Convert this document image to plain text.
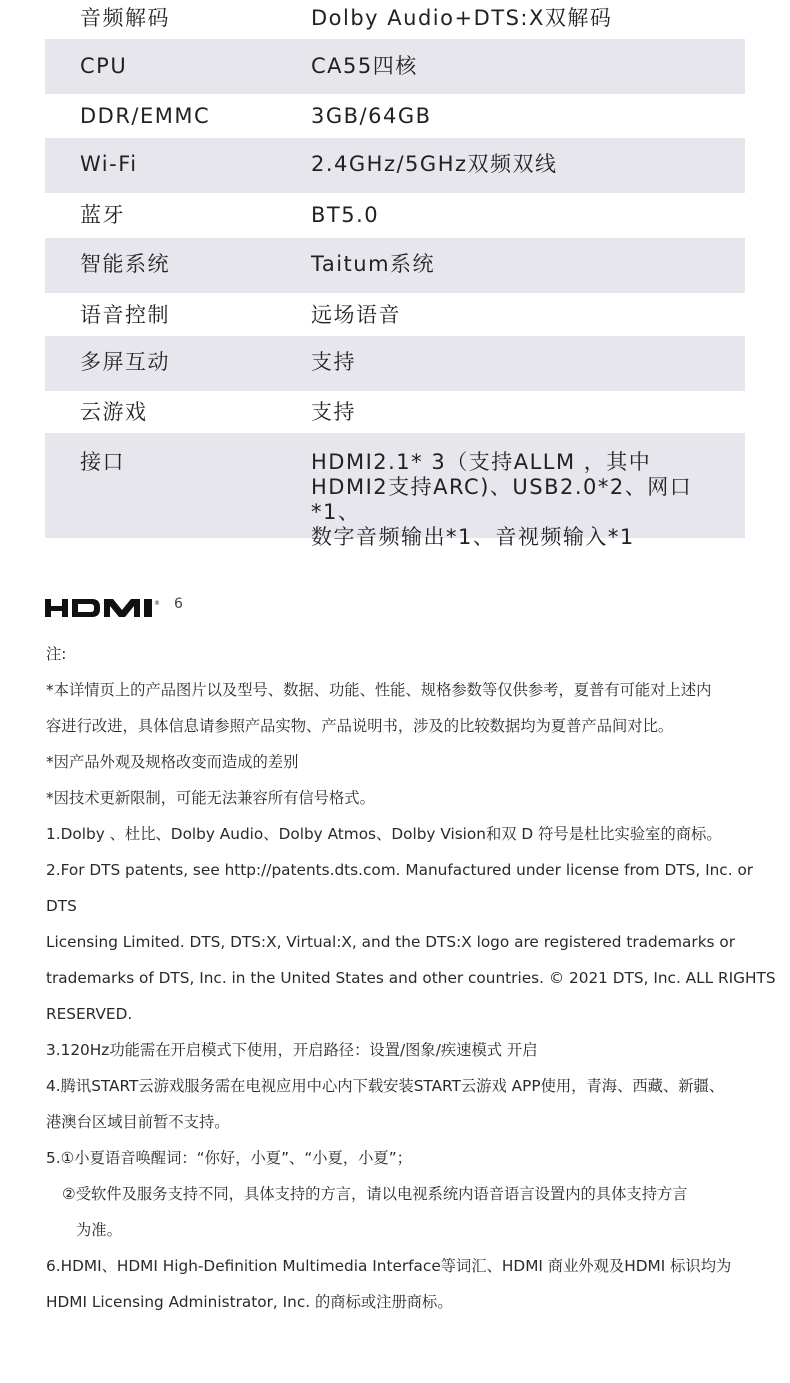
音频解码	Dolby Audio+DTS:X双解码
CPU	CA55四核
DDR/EMMC	3GB/64GB
Wi-Fi	2.4GHz/5GHz双频双线
蓝牙	BT5.0
智能系统	Taitum系统
语音控制	远场语音
多屏互动	支持
云游戏	支持
接口	HDMI2.1* 3（支持ALLM ，其中
HDMI2支持ARC)、USB2.0*2、网口*1、
数字音频输出*1、音视频输入*1
® 6

注:

*本详情页上的产品图片以及型号、数据、功能、性能、规格参数等仅供参考，夏普有可能对上述内

容进行改进，具体信息请参照产品实物、产品说明书，涉及的比较数据均为夏普产品间对比。

*因产品外观及规格改变而造成的差别

*因技术更新限制，可能无法兼容所有信号格式。

1.Dolby 、杜比、Dolby Audio、Dolby Atmos、Dolby Vision和双 D 符号是杜比实验室的商标。

2.For DTS patents, see http://patents.dts.com. Manufactured under license from DTS, Inc. or DTS

Licensing Limited. DTS, DTS:X, Virtual:X, and the DTS:X logo are registered trademarks or

trademarks of DTS, Inc. in the United States and other countries. © 2021 DTS, Inc. ALL RIGHTS

RESERVED.

3.120Hz功能需在开启模式下使用，开启路径：设置/图象/疾速模式 开启

4.腾讯START云游戏服务需在电视应用中心内下载安装START云游戏 APP使用，青海、西藏、新疆、

港澳台区域目前暂不支持。

5.①小夏语音唤醒词：“你好，小夏”、“小夏，小夏”；

②受软件及服务支持不同，具体支持的方言，请以电视系统内语音语言设置内的具体支持方言

为准。

6.HDMI、HDMI High-Definition Multimedia Interface等词汇、HDMI 商业外观及HDMI 标识均为

HDMI Licensing Administrator, Inc. 的商标或注册商标。
